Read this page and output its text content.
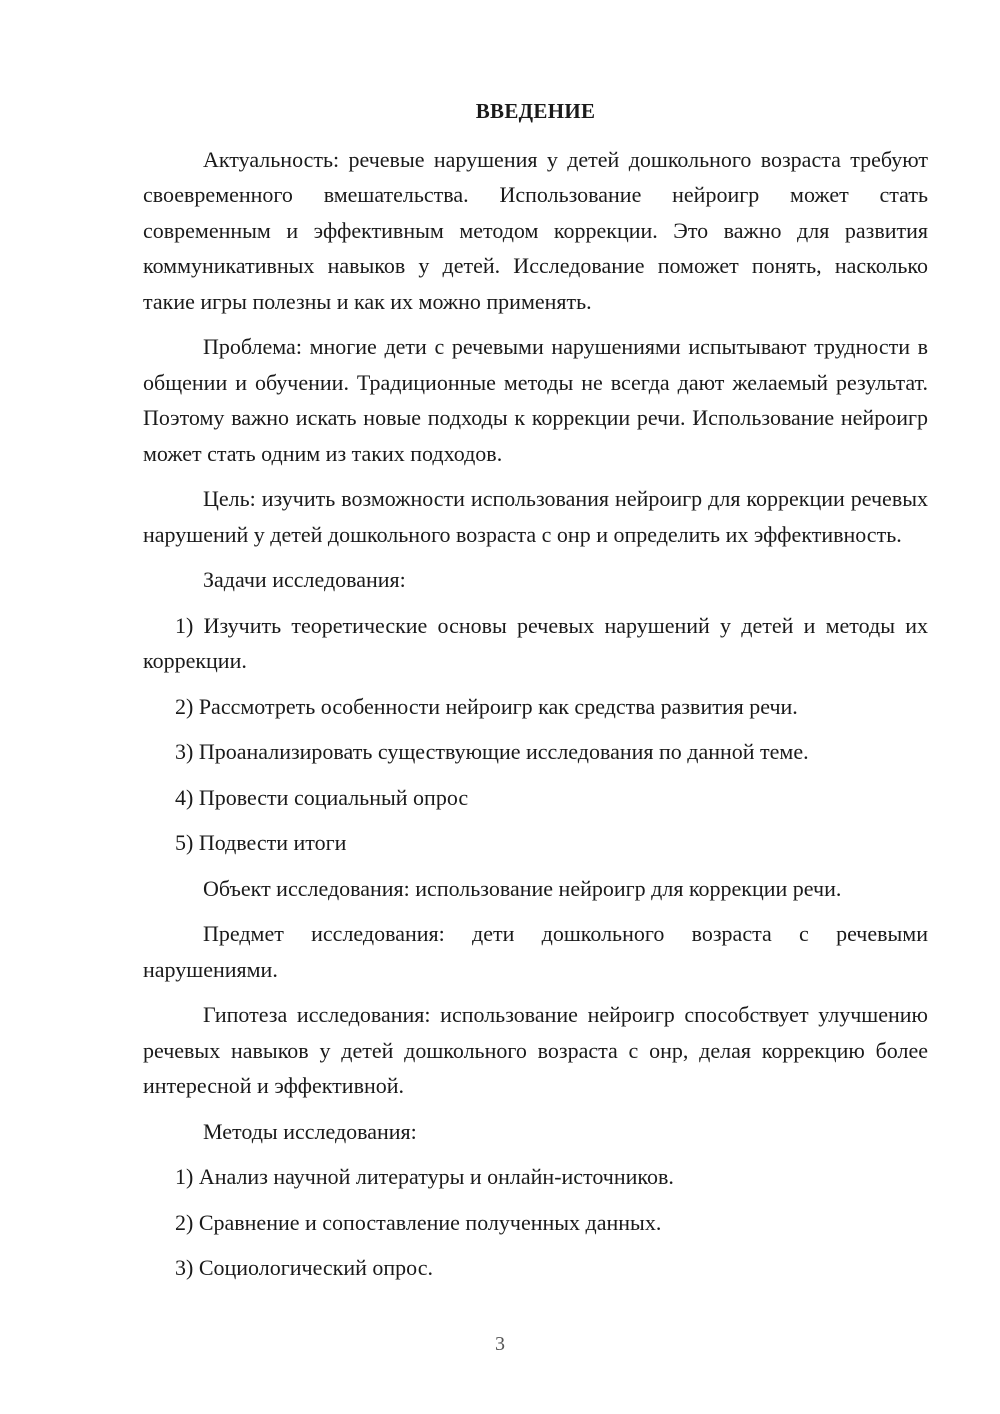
ВВЕДЕНИЕ

Актуальность: речевые нарушения у детей дошкольного возраста требуют своевременного вмешательства. Использование нейроигр может стать современным и эффективным методом коррекции. Это важно для развития коммуникативных навыков у детей. Исследование поможет понять, насколько такие игры полезны и как их можно применять.

Проблема: многие дети с речевыми нарушениями испытывают трудности в общении и обучении. Традиционные методы не всегда дают желаемый результат. Поэтому важно искать новые подходы к коррекции речи. Использование нейроигр может стать одним из таких подходов.

Цель: изучить возможности использования нейроигр для коррекции речевых нарушений у детей дошкольного возраста с онр и определить их эффективность.

Задачи исследования:

1) Изучить теоретические основы речевых нарушений у детей и методы их коррекции.

2) Рассмотреть особенности нейроигр как средства развития речи.

3) Проанализировать существующие исследования по данной теме.

4) Провести социальный опрос

5) Подвести итоги

Объект исследования: использование нейроигр для коррекции речи.

Предмет исследования: дети дошкольного возраста с речевыми нарушениями.

Гипотеза исследования: использование нейроигр способствует улучшению речевых навыков у детей дошкольного возраста с онр, делая коррекцию более интересной и эффективной.

Методы исследования:

1) Анализ научной литературы и онлайн-источников.

2) Сравнение и сопоставление полученных данных.

3) Социологический опрос.

3
